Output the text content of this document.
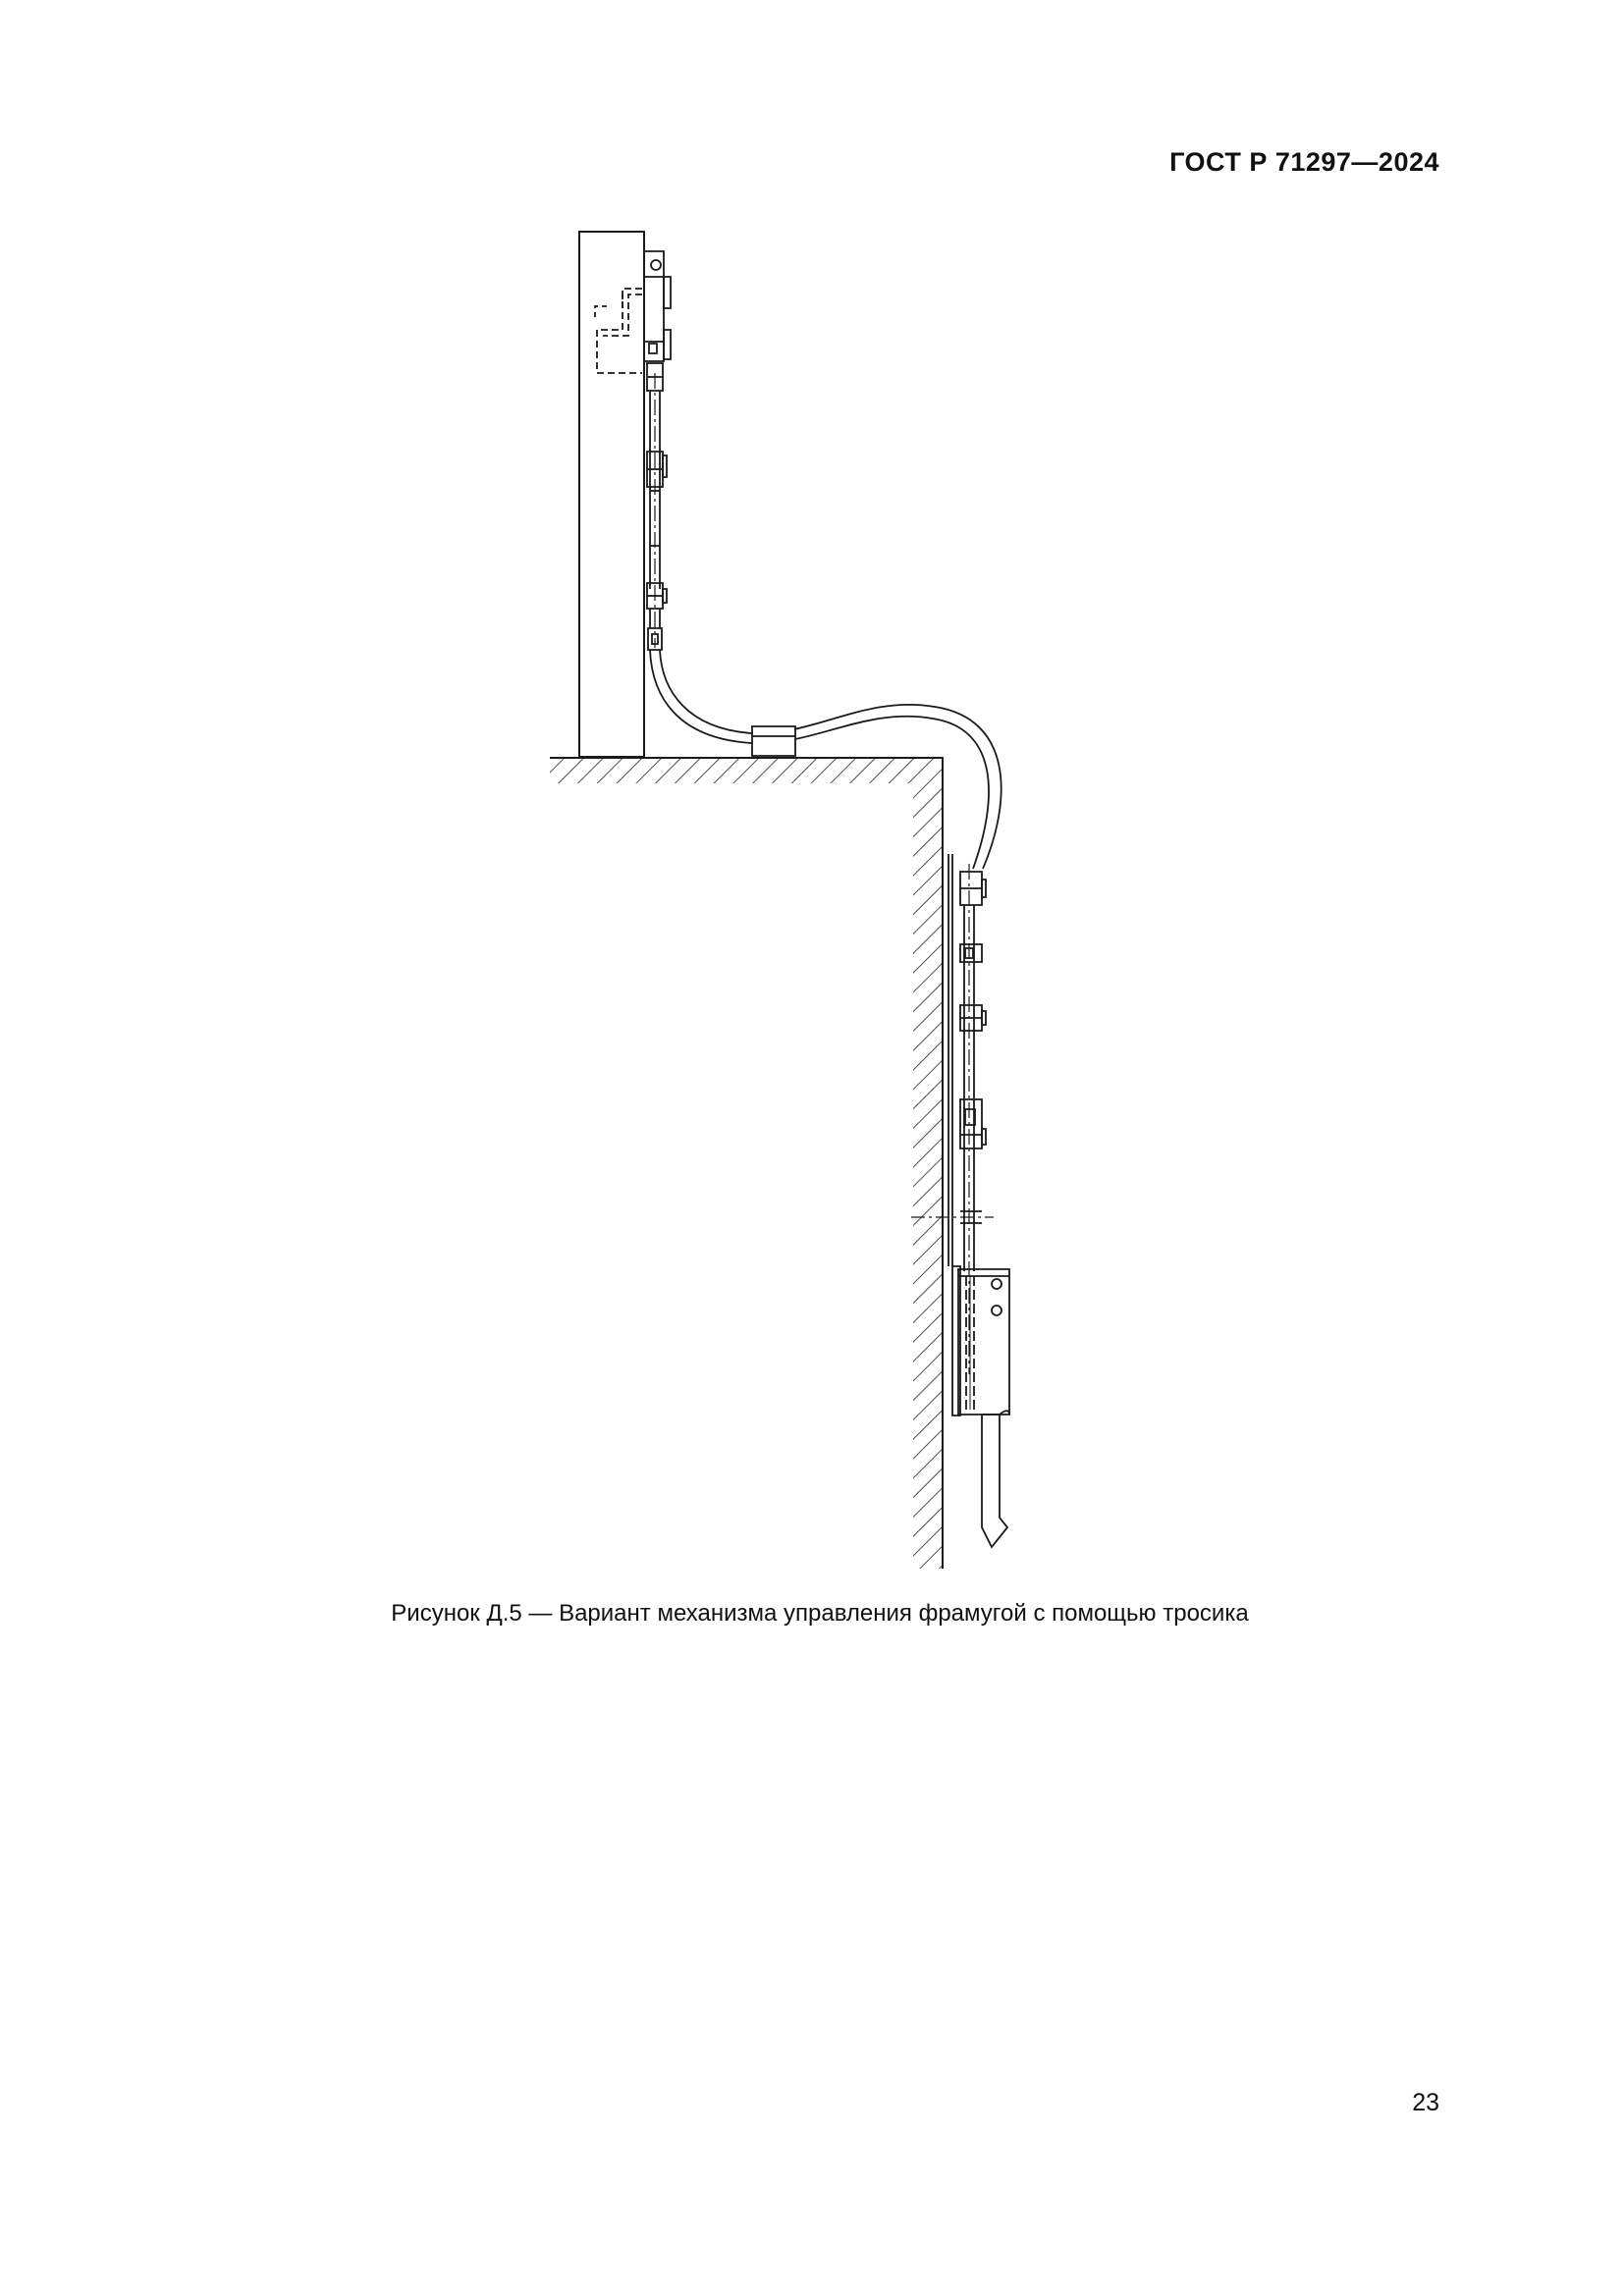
ГОСТ Р 71297—2024
Рисунок Д.5 — Вариант механизма управления фрамугой с помощью тросика
23
